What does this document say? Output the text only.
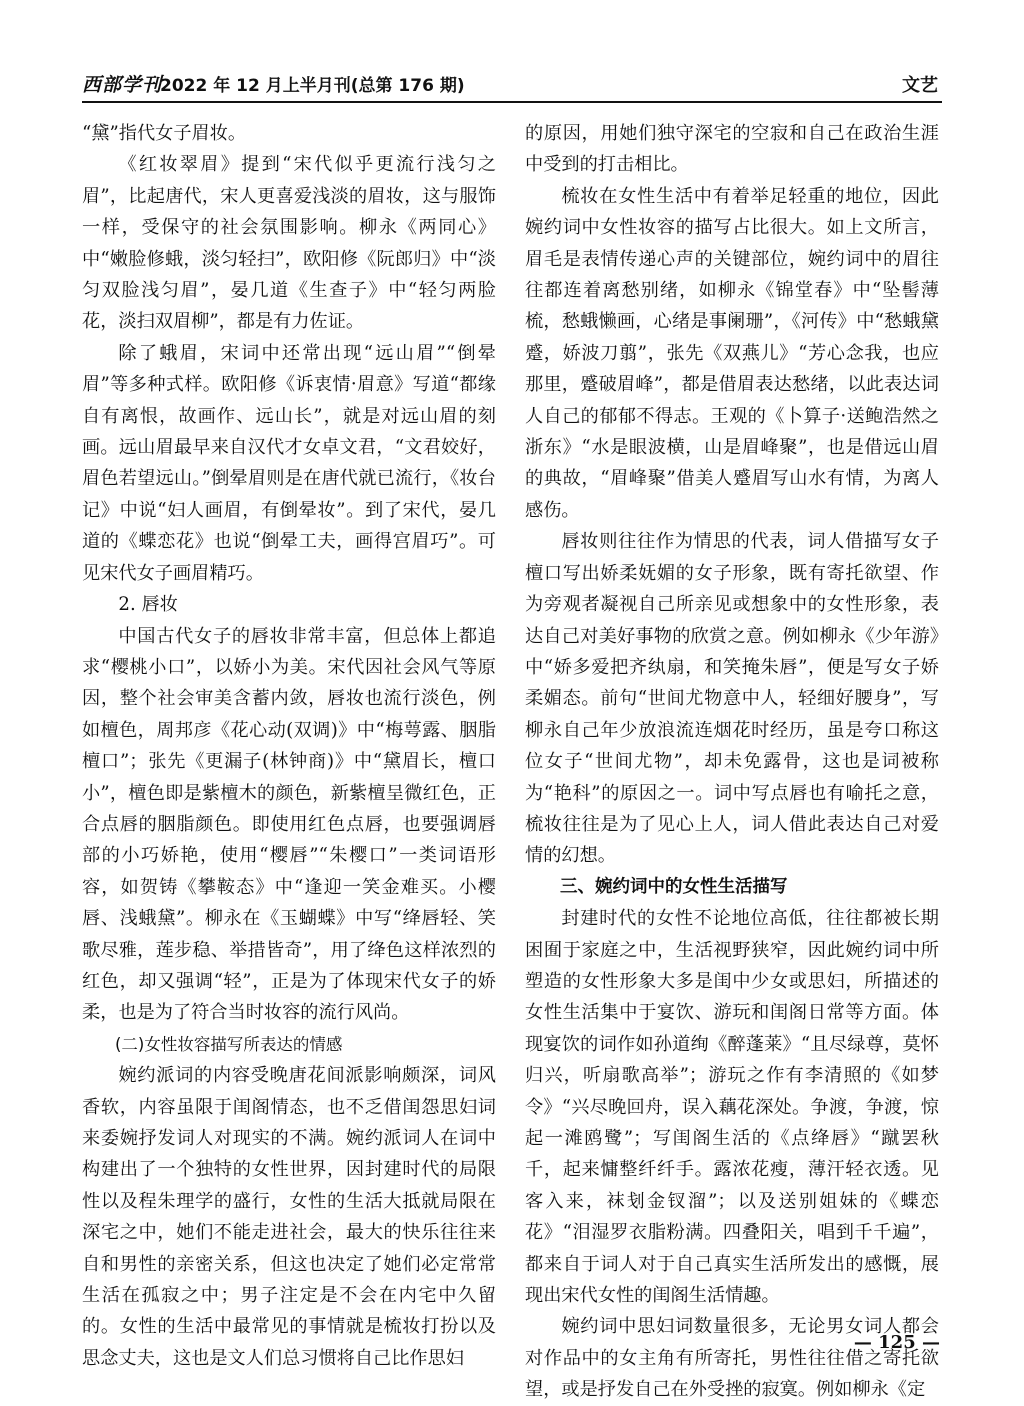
西部学刊
2022 年 12 月上半月刊(总第 176 期)	文艺

“黛”指代女子眉妆。

《红妆翠眉》提到“宋代似乎更流行浅匀之眉”，比起唐代，宋人更喜爱浅淡的眉妆，这与服饰一样，受保守的社会氛围影响。柳永《两同心》中“嫩脸修蛾，淡匀轻扫”，欧阳修《阮郎归》中“淡匀双脸浅匀眉”，晏几道《生查子》中“轻匀两脸花，淡扫双眉柳”，都是有力佐证。

除了蛾眉，宋词中还常出现“远山眉”“倒晕眉”等多种式样。欧阳修《诉衷情·眉意》写道“都缘自有离恨，故画作、远山长”，就是对远山眉的刻画。远山眉最早来自汉代才女卓文君，“文君姣好，眉色若望远山。”倒晕眉则是在唐代就已流行，《妆台记》中说“妇人画眉，有倒晕妆”。到了宋代，晏几道的《蝶恋花》也说“倒晕工夫，画得宫眉巧”。可见宋代女子画眉精巧。

2. 唇妆

中国古代女子的唇妆非常丰富，但总体上都追求“樱桃小口”，以娇小为美。宋代因社会风气等原因，整个社会审美含蓄内敛，唇妆也流行淡色，例如檀色，周邦彦《花心动(双调)》中“梅萼露、胭脂檀口”；张先《更漏子(林钟商)》中“黛眉长，檀口小”，檀色即是紫檀木的颜色，新紫檀呈微红色，正合点唇的胭脂颜色。即使用红色点唇，也要强调唇部的小巧娇艳，使用“樱唇”“朱樱口”一类词语形容，如贺铸《攀鞍态》中“逢迎一笑金难买。小樱唇、浅蛾黛”。柳永在《玉蝴蝶》中写“绛唇轻、笑歌尽雅，莲步稳、举措皆奇”，用了绛色这样浓烈的红色，却又强调“轻”，正是为了体现宋代女子的娇柔，也是为了符合当时妆容的流行风尚。

(二)女性妆容描写所表达的情感

婉约派词的内容受晚唐花间派影响颇深，词风香软，内容虽限于闺阁情态，也不乏借闺怨思妇词来委婉抒发词人对现实的不满。婉约派词人在词中构建出了一个独特的女性世界，因封建时代的局限性以及程朱理学的盛行，女性的生活大抵就局限在深宅之中，她们不能走进社会，最大的快乐往往来自和男性的亲密关系，但这也决定了她们必定常常生活在孤寂之中；男子注定是不会在内宅中久留的。女性的生活中最常见的事情就是梳妆打扮以及思念丈夫，这也是文人们总习惯将自己比作思妇

的原因，用她们独守深宅的空寂和自己在政治生涯中受到的打击相比。

梳妆在女性生活中有着举足轻重的地位，因此婉约词中女性妆容的描写占比很大。如上文所言，眉毛是表情传递心声的关键部位，婉约词中的眉往往都连着离愁别绪，如柳永《锦堂春》中“坠髻薄梳，愁蛾懒画，心绪是事阑珊”，《河传》中“愁蛾黛蹙，娇波刀翦”，张先《双燕儿》“芳心念我，也应那里，蹙破眉峰”，都是借眉表达愁绪，以此表达词人自己的郁郁不得志。王观的《卜算子·送鲍浩然之浙东》“水是眼波横，山是眉峰聚”，也是借远山眉的典故，“眉峰聚”借美人蹙眉写山水有情，为离人感伤。

唇妆则往往作为情思的代表，词人借描写女子檀口写出娇柔妩媚的女子形象，既有寄托欲望、作为旁观者凝视自己所亲见或想象中的女性形象，表达自己对美好事物的欣赏之意。例如柳永《少年游》中“娇多爱把齐纨扇，和笑掩朱唇”，便是写女子娇柔媚态。前句“世间尤物意中人，轻细好腰身”，写柳永自己年少放浪流连烟花时经历，虽是夸口称这位女子“世间尤物”，却未免露骨，这也是词被称为“艳科”的原因之一。词中写点唇也有喻托之意，梳妆往往是为了见心上人，词人借此表达自己对爱情的幻想。

三、婉约词中的女性生活描写

封建时代的女性不论地位高低，往往都被长期困囿于家庭之中，生活视野狭窄，因此婉约词中所塑造的女性形象大多是闺中少女或思妇，所描述的女性生活集中于宴饮、游玩和闺阁日常等方面。体现宴饮的词作如孙道绚《醉蓬莱》“且尽绿尊，莫怀归兴，听扇歌高举”；游玩之作有李清照的《如梦令》“兴尽晚回舟，误入藕花深处。争渡，争渡，惊起一滩鸥鹭”；写闺阁生活的《点绛唇》“蹴罢秋千，起来慵整纤纤手。露浓花瘦，薄汗轻衣透。见客入来，袜刬金钗溜”；以及送别姐妹的《蝶恋花》“泪湿罗衣脂粉满。四叠阳关，唱到千千遍”，都来自于词人对于自己真实生活所发出的感慨，展现出宋代女性的闺阁生活情趣。

婉约词中思妇词数量很多，无论男女词人都会对作品中的女主角有所寄托，男性往往借之寄托欲望，或是抒发自己在外受挫的寂寞。例如柳永《定

— 125 —
